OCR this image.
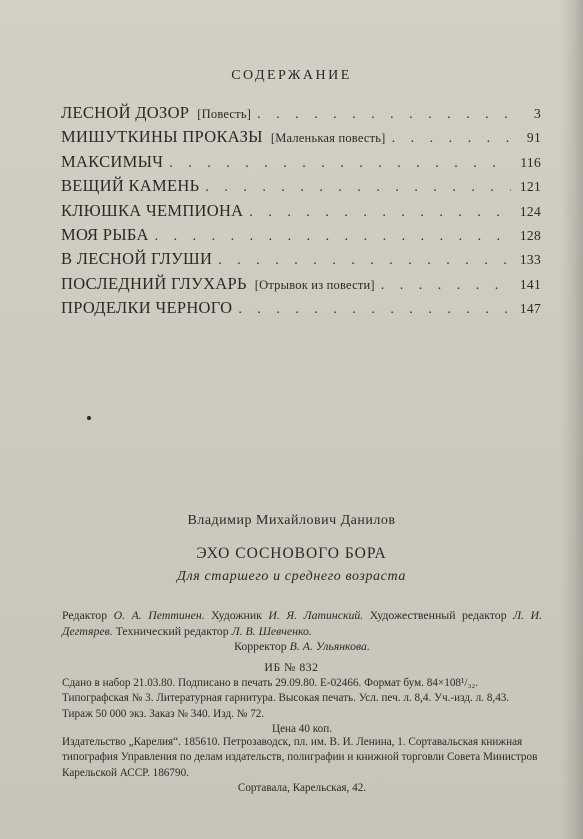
СОДЕРЖАНИЕ
ЛЕСНОЙ ДОЗОР [Повесть] . . .	3
МИШУТКИНЫ ПРОКАЗЫ [Маленькая повесть] . . .	91
МАКСИМЫЧ . . .	116
ВЕЩИЙ КАМЕНЬ . . .	121
КЛЮШКА ЧЕМПИОНА . . .	124
МОЯ РЫБА . . .	128
В ЛЕСНОЙ ГЛУШИ . . .	133
ПОСЛЕДНИЙ ГЛУХАРЬ [Отрывок из повести] . . .	141
ПРОДЕЛКИ ЧЕРНОГО . . .	147
Владимир Михайлович Данилов
ЭХО СОСНОВОГО БОРА
Для старшего и среднего возраста
Редактор О. А. Петтинен. Художник И. Я. Латинский. Художественный редактор Л. И. Дегтярев. Технический редактор Л. В. Шевченко.
Корректор В. А. Ульянкова.
ИБ № 832
Сдано в набор 21.03.80. Подписано в печать 29.09.80. Е-02466. Формат бум. 84×108¹/₃₂. Типографская № 3. Литературная гарнитура. Высокая печать. Усл. печ. л. 8,4. Уч.-изд. л. 8,43. Тираж 50 000 экз. Заказ № 340. Изд. № 72.
Цена 40 коп.
Издательство „Карелия“. 185610. Петрозаводск, пл. им. В. И. Ленина, 1. Сортавальская книжная типография Управления по делам издательств, полиграфии и книжной торговли Совета Министров Карельской АССР. 186790.
Сортавала, Карельская, 42.
